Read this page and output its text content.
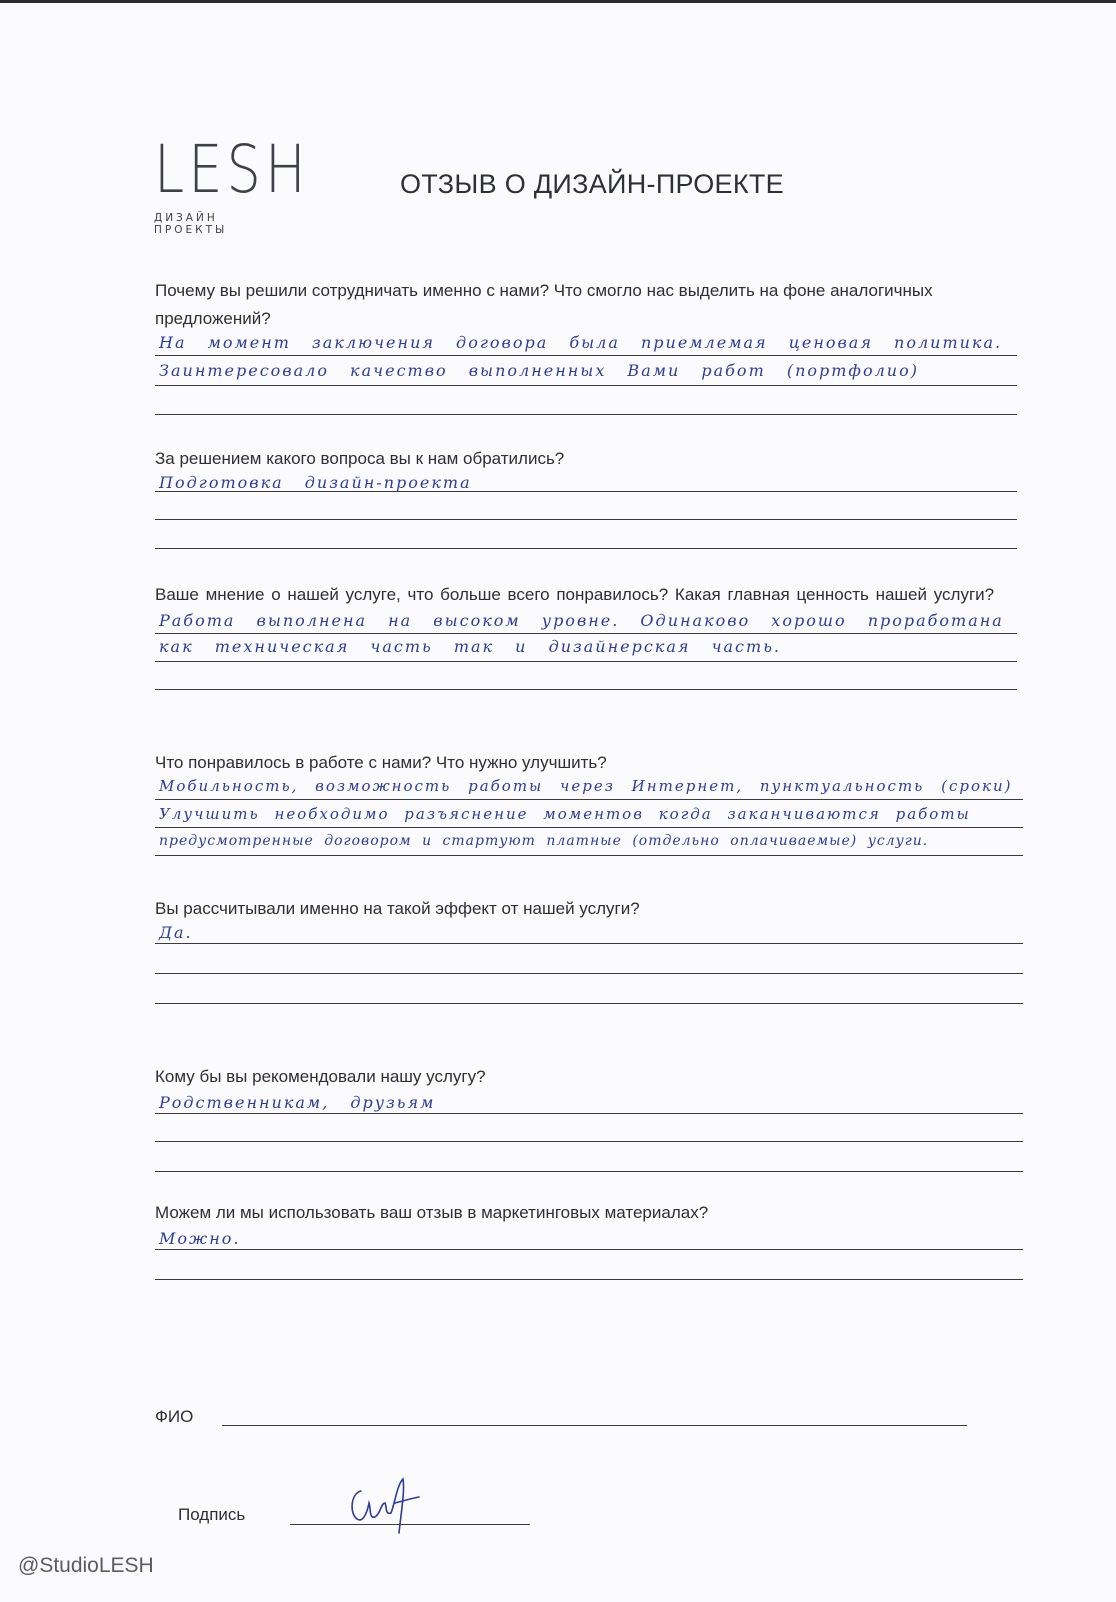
LESH
ДИЗАЙН ПРОЕКТЫ
ОТЗЫВ О ДИЗАЙН-ПРОЕКТЕ

Почему вы решили сотрудничать именно с нами? Что смогло нас выделить на фоне аналогичных предложений?

На момент заключения договора была приемлемая ценовая политика.
Заинтересовало качество выполненных Вами работ (портфолио)

За решением какого вопроса вы к нам обратились?

Подготовка дизайн-проекта

Ваше мнение о нашей услуге, что больше всего понравилось? Какая главная ценность нашей услуги?

Работа выполнена на высоком уровне. Одинаково хорошо проработана
как техническая часть так и дизайнерская часть.

Что понравилось в работе с нами? Что нужно улучшить?

Мобильность, возможность работы через Интернет, пунктуальность (сроки)
Улучшить необходимо разъяснение моментов когда заканчиваются работы
предусмотренные договором и стартуют платные (отдельно оплачиваемые) услуги.

Вы рассчитывали именно на такой эффект от нашей услуги?

Да.

Кому бы вы рекомендовали нашу услугу?

Родственникам, друзьям

Можем ли мы использовать ваш отзыв в маркетинговых материалах?

Можно.
ФИО
Подпись
@StudioLESH
